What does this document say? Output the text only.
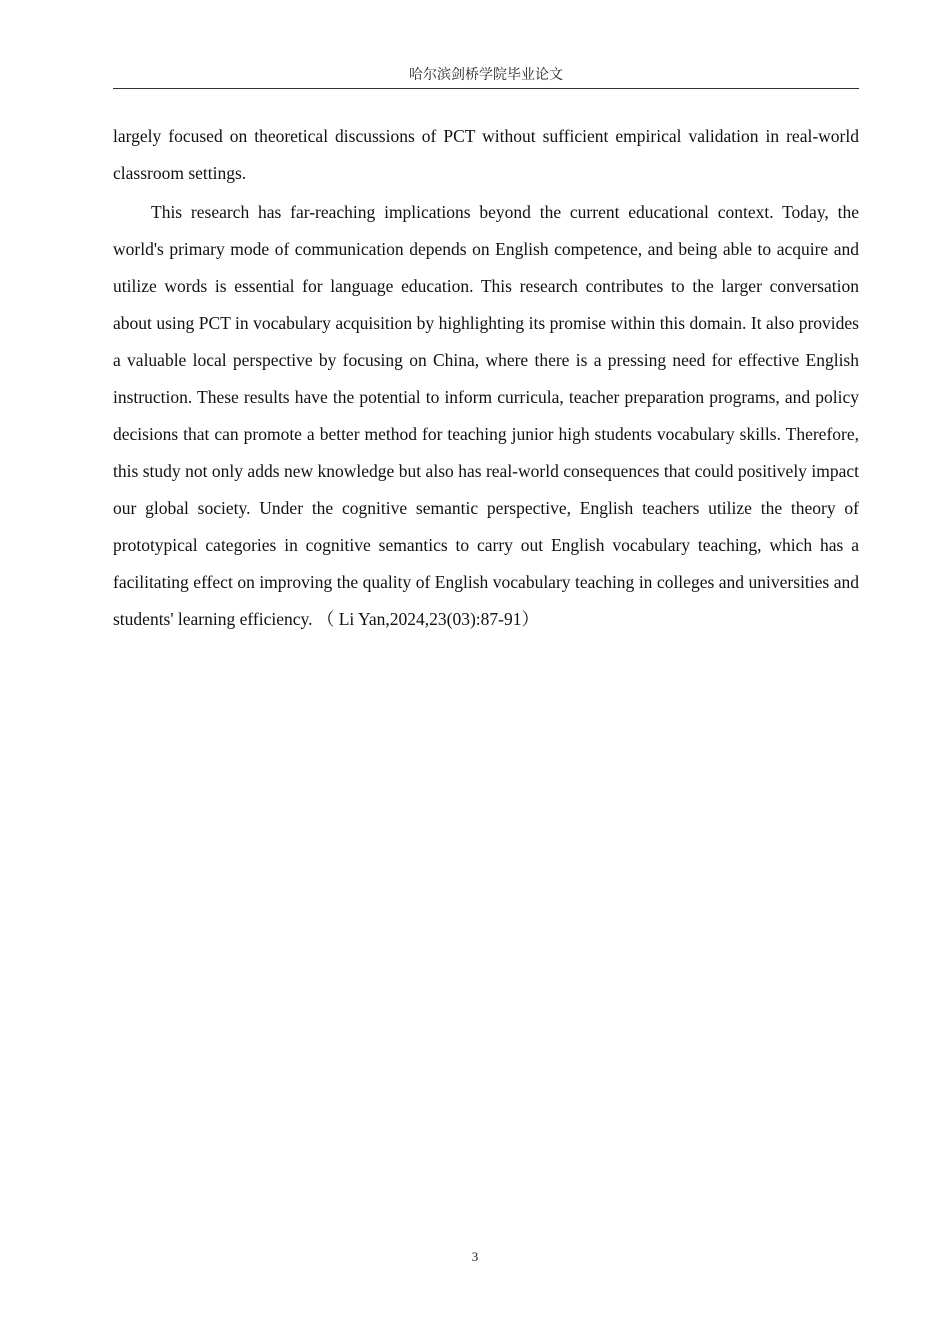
哈尔滨剑桥学院毕业论文

largely focused on theoretical discussions of PCT without sufficient empirical validation in real-world classroom settings.

This research has far-reaching implications beyond the current educational context. Today, the world's primary mode of communication depends on English competence, and being able to acquire and utilize words is essential for language education. This research contributes to the larger conversation about using PCT in vocabulary acquisition by highlighting its promise within this domain. It also provides a valuable local perspective by focusing on China, where there is a pressing need for effective English instruction. These results have the potential to inform curricula, teacher preparation programs, and policy decisions that can promote a better method for teaching junior high students vocabulary skills. Therefore, this study not only adds new knowledge but also has real-world consequences that could positively impact our global society. Under the cognitive semantic perspective, English teachers utilize the theory of prototypical categories in cognitive semantics to carry out English vocabulary teaching, which has a facilitating effect on improving the quality of English vocabulary teaching in colleges and universities and students' learning efficiency. （ Li Yan,2024,23(03):87-91）

3
